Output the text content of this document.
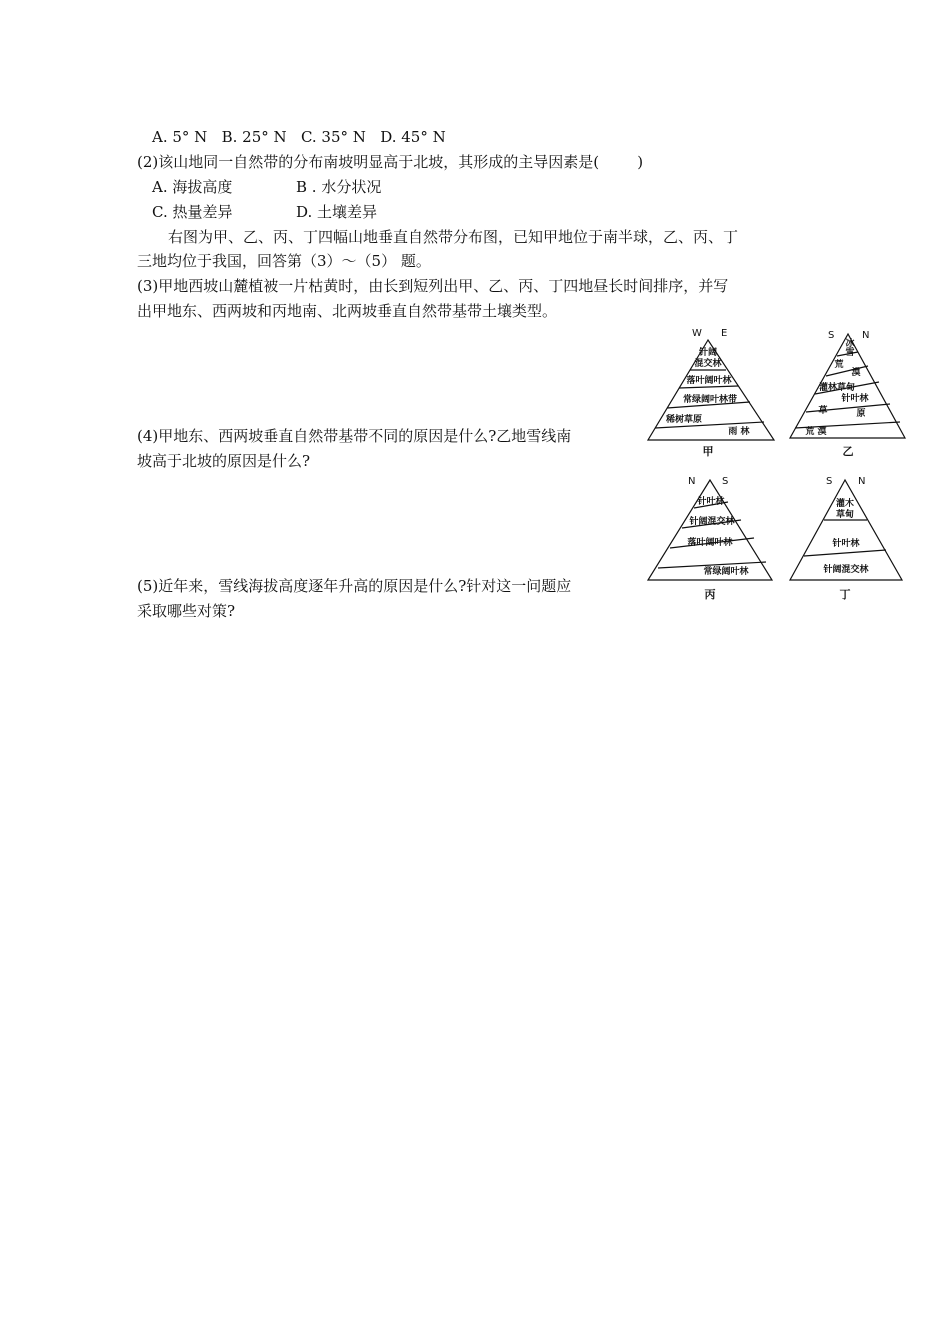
A. 5° N   B. 25° N   C. 35° N   D. 45° N
(2)该山地同一自然带的分布南坡明显高于北坡，其形成的主导因素是(        )
A. 海拔高度	B . 水分状况
C. 热量差异	D. 土壤差异
右图为甲、乙、丙、丁四幅山地垂直自然带分布图，已知甲地位于南半球，乙、丙、丁
三地均位于我国，回答第（3）～（5） 题。
(3)甲地西坡山麓植被一片枯黄时，由长到短列出甲、乙、丙、丁四地昼长时间排序，并写
出甲地东、西两坡和丙地南、北两坡垂直自然带基带土壤类型。
(4)甲地东、西两坡垂直自然带基带不同的原因是什么?乙地雪线南
坡高于北坡的原因是什么?
(5)近年来，雪线海拔高度逐年升高的原因是什么?针对这一问题应
采取哪些对策?
W E
针阔
混交林
落叶阔叶林
常绿阔叶林带
稀树草原
雨 林
甲
S	N
冰
雪
荒
漠
灌林草甸
针叶林
草	原
荒 漠
乙
N	S
针叶林
针阔混交林
落叶阔叶林
常绿阔叶林
丙
S	N
灌木
草甸
针叶林
针阔混交林
丁
